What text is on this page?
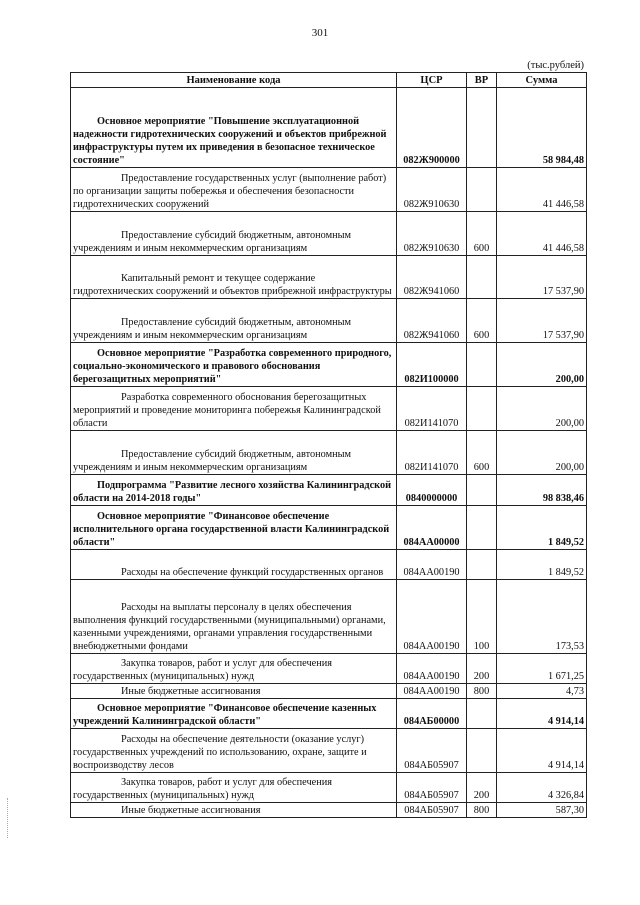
301
(тыс.рублей)
Наименование кода	ЦСР	ВР	Сумма

Основное мероприятие "Повышение эксплуатационной надежности гидротехнических сооружений и объектов прибрежной инфраструктуры путем их приведения в безопасное техническое состояние"	082Ж900000		58 984,48

Предоставление государственных услуг (выполнение работ) по организации защиты побережья и обеспечения безопасности гидротехнических сооружений	082Ж910630		41 446,58

Предоставление субсидий бюджетным, автономным учреждениям и иным некоммерческим организациям	082Ж910630	600	41 446,58

Капитальный ремонт и текущее содержание гидротехнических сооружений и объектов прибрежной инфраструктуры	082Ж941060		17 537,90

Предоставление субсидий бюджетным, автономным учреждениям и иным некоммерческим организациям	082Ж941060	600	17 537,90

Основное мероприятие "Разработка современного природного, социально-экономического и правового обоснования берегозащитных мероприятий"	082И100000		200,00

Разработка современного обоснования берегозащитных мероприятий и проведение мониторинга побережья Калининградской области	082И141070		200,00

Предоставление субсидий бюджетным, автономным учреждениям и иным некоммерческим организациям	082И141070	600	200,00

Подпрограмма "Развитие лесного хозяйства Калининградской области на 2014-2018 годы"	0840000000		98 838,46

Основное мероприятие "Финансовое обеспечение исполнительного органа государственной власти Калининградской области"	084АА00000		1 849,52

Расходы на обеспечение функций государственных органов	084АА00190		1 849,52

Расходы на выплаты персоналу в целях обеспечения выполнения функций государственными (муниципальными) органами, казенными учреждениями, органами управления государственными внебюджетными фондами	084АА00190	100	173,53

Закупка товаров, работ и услуг для обеспечения государственных (муниципальных) нужд	084АА00190	200	1 671,25

Иные бюджетные ассигнования	084АА00190	800	4,73

Основное мероприятие "Финансовое обеспечение казенных учреждений Калининградской области"	084АБ00000		4 914,14

Расходы на обеспечение деятельности (оказание услуг) государственных учреждений по использованию, охране, защите и воспроизводству лесов	084АБ05907		4 914,14

Закупка товаров, работ и услуг для обеспечения государственных (муниципальных) нужд	084АБ05907	200	4 326,84

Иные бюджетные ассигнования	084АБ05907	800	587,30
